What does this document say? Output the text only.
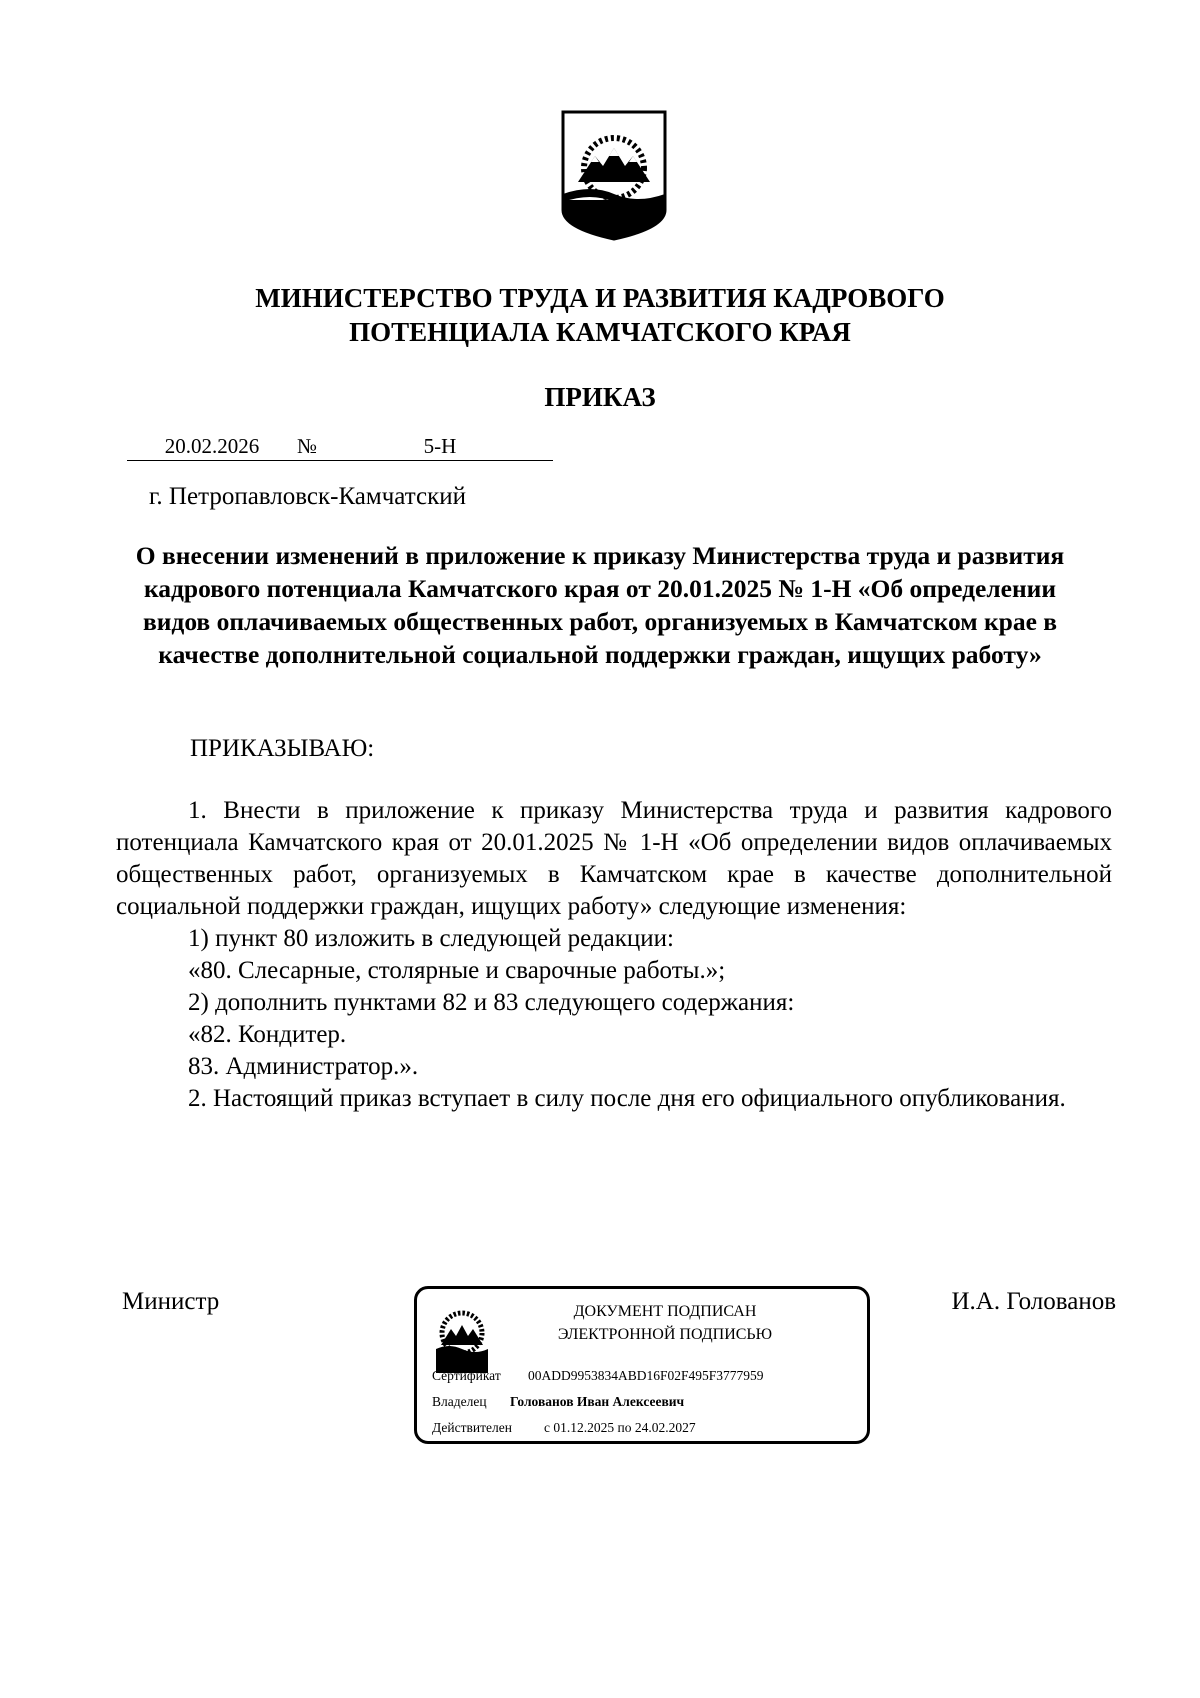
МИНИСТЕРСТВО ТРУДА И РАЗВИТИЯ КАДРОВОГО
ПОТЕНЦИАЛА КАМЧАТСКОГО КРАЯ
ПРИКАЗ
20.02.2026 №	5-Н
г. Петропавловск-Камчатский
О внесении изменений в приложение к приказу Министерства труда и развития кадрового потенциала Камчатского края от 20.01.2025 № 1-Н «Об определении видов оплачиваемых общественных работ, организуемых в Камчатском крае в качестве дополнительной социальной поддержки граждан, ищущих работу»
ПРИКАЗЫВАЮ:

1. Внести в приложение к приказу Министерства труда и развития кадрового потенциала Камчатского края от 20.01.2025 № 1-Н «Об определении видов оплачиваемых общественных работ, организуемых в Камчатском крае в качестве дополнительной социальной поддержки граждан, ищущих работу» следующие изменения:

1) пункт 80 изложить в следующей редакции:

«80. Слесарные, столярные и сварочные работы.»;

2) дополнить пунктами 82 и 83 следующего содержания:

«82. Кондитер.

83. Администратор.».

2. Настоящий приказ вступает в силу после дня его официального опубликования.

Министр	И.А. Голованов
ДОКУМЕНТ ПОДПИСАН
ЭЛЕКТРОННОЙ ПОДПИСЬЮ
Сертификат 00ADD9953834ABD16F02F495F3777959
Владелец Голованов Иван Алексеевич
Действителен с 01.12.2025 по 24.02.2027
